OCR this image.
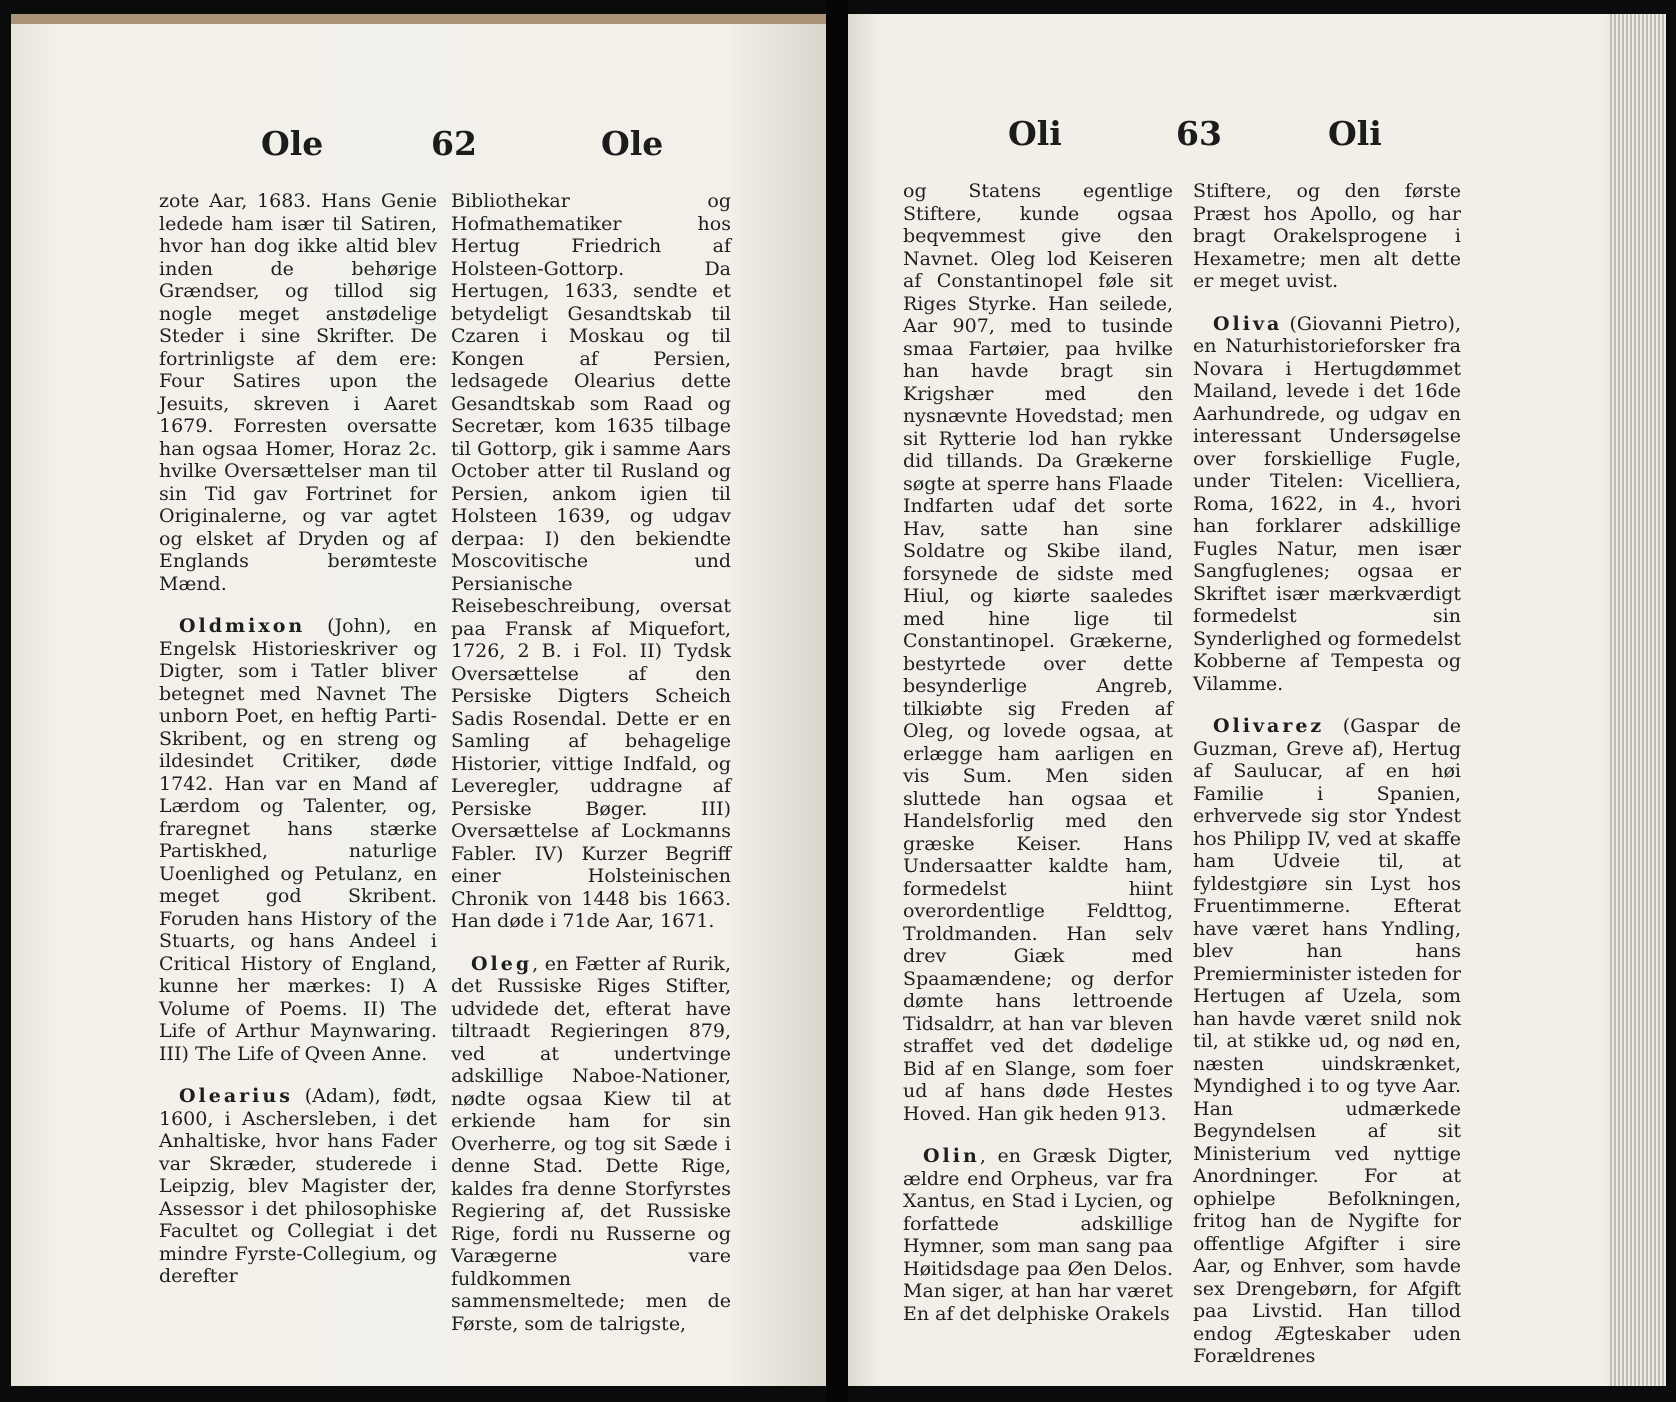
Ole	62	Ole

zote Aar, 1683. Hans Genie ledede ham især til Satiren, hvor han dog ikke altid blev inden de behørige Grændser, og tillod sig nogle meget anstødelige Steder i sine Skrifter. De fortrinligste af dem ere: Four Satires upon the Jesuits, skreven i Aaret 1679. Forresten oversatte han ogsaa Homer, Horaz 2c. hvilke Oversættelser man til sin Tid gav Fortrinet for Originalerne, og var agtet og elsket af Dryden og af Englands berømteste Mænd.

Oldmixon (John), en Engelsk Historieskriver og Digter, som i Tatler bliver betegnet med Navnet The unborn Poet, en heftig Parti-Skribent, og en streng og ildesindet Critiker, døde 1742. Han var en Mand af Lærdom og Talenter, og, fraregnet hans stærke Partiskhed, naturlige Uoenlighed og Petulanz, en meget god Skribent. Foruden hans History of the Stuarts, og hans Andeel i Critical History of England, kunne her mærkes: I) A Volume of Poems. II) The Life of Arthur Maynwaring. III) The Life of Qveen Anne.

Olearius (Adam), født, 1600, i Aschersleben, i det Anhaltiske, hvor hans Fader var Skræder, studerede i Leipzig, blev Magister der, Assessor i det philosophiske Facultet og Collegiat i det mindre Fyrste-Collegium, og derefter

Bibliothekar og Hofmathematiker hos Hertug Friedrich af Holsteen-Gottorp. Da Hertugen, 1633, sendte et betydeligt Gesandtskab til Czaren i Moskau og til Kongen af Persien, ledsagede Olearius dette Gesandtskab som Raad og Secretær, kom 1635 tilbage til Gottorp, gik i samme Aars October atter til Rusland og Persien, ankom igien til Holsteen 1639, og udgav derpaa: I) den bekiendte Moscovitische und Persianische Reisebeschreibung, oversat paa Fransk af Miquefort, 1726, 2 B. i Fol. II) Tydsk Oversættelse af den Persiske Digters Scheich Sadis Rosendal. Dette er en Samling af behagelige Historier, vittige Indfald, og Leveregler, uddragne af Persiske Bøger. III) Oversættelse af Lockmanns Fabler. IV) Kurzer Begriff einer Holsteinischen Chronik von 1448 bis 1663. Han døde i 71de Aar, 1671.

Oleg, en Fætter af Rurik, det Russiske Riges Stifter, udvidede det, efterat have tiltraadt Regieringen 879, ved at undertvinge adskillige Naboe-Nationer, nødte ogsaa Kiew til at erkiende ham for sin Overherre, og tog sit Sæde i denne Stad. Dette Rige, kaldes fra denne Storfyrstes Regiering af, det Russiske Rige, fordi nu Russerne og Varægerne vare fuldkommen sammensmeltede; men de Første, som de talrigste,

Oli	63	Oli

og Statens egentlige Stiftere, kunde ogsaa beqvemmest give den Navnet. Oleg lod Keiseren af Constantinopel føle sit Riges Styrke. Han seilede, Aar 907, med to tusinde smaa Fartøier, paa hvilke han havde bragt sin Krigshær med den nysnævnte Hovedstad; men sit Rytterie lod han rykke did tillands. Da Grækerne søgte at sperre hans Flaade Indfarten udaf det sorte Hav, satte han sine Soldatre og Skibe iland, forsynede de sidste med Hiul, og kiørte saaledes med hine lige til Constantinopel. Grækerne, bestyrtede over dette besynderlige Angreb, tilkiøbte sig Freden af Oleg, og lovede ogsaa, at erlægge ham aarligen en vis Sum. Men siden sluttede han ogsaa et Handelsforlig med den græske Keiser. Hans Undersaatter kaldte ham, formedelst hiint overordentlige Feldttog, Troldmanden. Han selv drev Giæk med Spaamændene; og derfor dømte hans lettroende Tidsaldrr, at han var bleven straffet ved det dødelige Bid af en Slange, som foer ud af hans døde Hestes Hoved. Han gik heden 913.

Olin, en Græsk Digter, ældre end Orpheus, var fra Xantus, en Stad i Lycien, og forfattede adskillige Hymner, som man sang paa Høitidsdage paa Øen Delos. Man siger, at han har været En af det delphiske Orakels

Stiftere, og den første Præst hos Apollo, og har bragt Orakelsprogene i Hexametre; men alt dette er meget uvist.

Oliva (Giovanni Pietro), en Naturhistorieforsker fra Novara i Hertugdømmet Mailand, levede i det 16de Aarhundrede, og udgav en interessant Undersøgelse over forskiellige Fugle, under Titelen: Vicelliera, Roma, 1622, in 4., hvori han forklarer adskillige Fugles Natur, men især Sangfuglenes; ogsaa er Skriftet især mærkværdigt formedelst sin Synderlighed og formedelst Kobberne af Tempesta og Vilamme.

Olivarez (Gaspar de Guzman, Greve af), Hertug af Saulucar, af en høi Familie i Spanien, erhvervede sig stor Yndest hos Philipp IV, ved at skaffe ham Udveie til, at fyldestgiøre sin Lyst hos Fruentimmerne. Efterat have været hans Yndling, blev han hans Premierminister isteden for Hertugen af Uzela, som han havde været snild nok til, at stikke ud, og nød en, næsten uindskrænket, Myndighed i to og tyve Aar. Han udmærkede Begyndelsen af sit Ministerium ved nyttige Anordninger. For at ophielpe Befolkningen, fritog han de Nygifte for offentlige Afgifter i sire Aar, og Enhver, som havde sex Drengebørn, for Afgift paa Livstid. Han tillod endog Ægteskaber uden Forældrenes
